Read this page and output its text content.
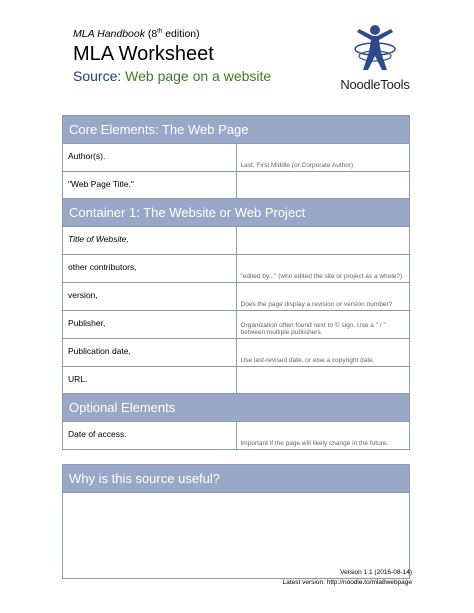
MLA Handbook (8th edition)
MLA Worksheet
Source: Web page on a website
NoodleTools
Core Elements: The Web Page	
Author(s).	Last, First Middle (or Corporate Author)
"Web Page Title."	
Container 1: The Website or Web Project	
Title of Website,	
other contributors,	"edited by..." (who edited the site or project as a whole?)
version,	Does the page display a revision or version number?
Publisher,	Organization often found next to © sign. Use a " / " between multiple publishers.
Publication date,	Use last-revised date, or else a copyright date.
URL.	
Optional Elements
Date of access.	Important if the page will likely change in the future.
Why is this source useful?

Version 1.1 (2016-08-14)
Latest version: http://noodle.to/mla8webpage
